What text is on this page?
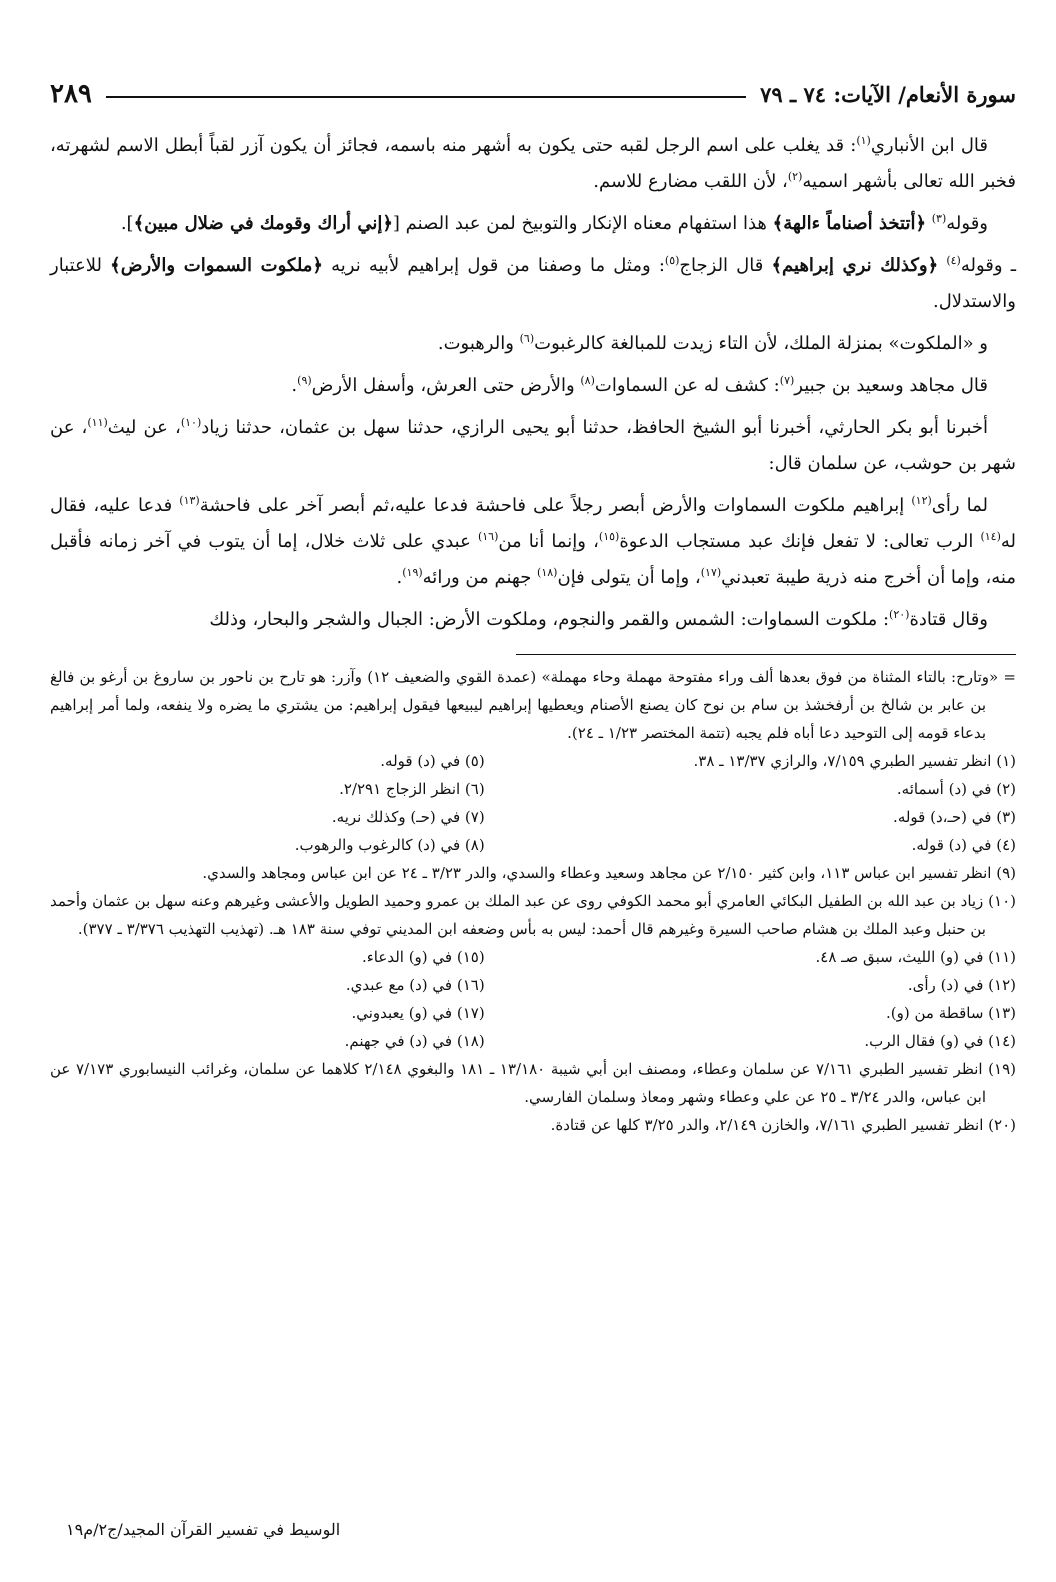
سورة الأنعام/ الآيات: ٧٤ ـ ٧٩
٢٨٩

قال ابن الأنباري$^{(١)}$: قد يغلب على اسم الرجل لقبه حتى يكون به أشهر منه باسمه، فجائز أن يكون آزر لقباً أبطل الاسم لشهرته، فخبر الله تعالى بأشهر اسميه$^{(٢)}$، لأن اللقب مضارع للاسم.

وقوله$^{(٣)}$ ﴿أتتخذ أصناماً ءالهة﴾ هذا استفهام معناه الإنكار والتوبيخ لمن عبد الصنم [﴿إني أراك وقومك في ضلال مبين﴾].

ـ وقوله$^{(٤)}$ ﴿وكذلك نري إبراهيم﴾ قال الزجاج$^{(٥)}$: ومثل ما وصفنا من قول إبراهيم لأبيه نريه ﴿ملكوت السموات والأرض﴾ للاعتبار والاستدلال.

و «الملكوت» بمنزلة الملك، لأن التاء زيدت للمبالغة كالرغبوت$^{(٦)}$ والرهبوت.

قال مجاهد وسعيد بن جبير$^{(٧)}$: كشف له عن السماوات$^{(٨)}$ والأرض حتى العرش، وأسفل الأرض$^{(٩)}$.

أخبرنا أبو بكر الحارثي، أخبرنا أبو الشيخ الحافظ، حدثنا أبو يحيى الرازي، حدثنا سهل بن عثمان، حدثنا زياد$^{(١٠)}$، عن ليث$^{(١١)}$، عن شهر بن حوشب، عن سلمان قال:

لما رأى$^{(١٢)}$ إبراهيم ملكوت السماوات والأرض أبصر رجلاً على فاحشة فدعا عليه،ثم أبصر آخر على فاحشة$^{(١٣)}$ فدعا عليه، فقال له$^{(١٤)}$ الرب تعالى: لا تفعل فإنك عبد مستجاب الدعوة$^{(١٥)}$، وإنما أنا من$^{(١٦)}$ عبدي على ثلاث خلال، إما أن يتوب في آخر زمانه فأقبل منه، وإما أن أخرج منه ذرية طيبة تعبدني$^{(١٧)}$، وإما أن يتولى فإن$^{(١٨)}$ جهنم من ورائه$^{(١٩)}$.

وقال قتادة$^{(٢٠)}$: ملكوت السماوات: الشمس والقمر والنجوم، وملكوت الأرض: الجبال والشجر والبحار، وذلك

= «وتارح: بالتاء المثناة من فوق بعدها ألف وراء مفتوحة مهملة وحاء مهملة» (عمدة القوي والضعيف ١٢) وآزر: هو تارح بن ناحور بن ساروغ بن أرغو بن فالغ بن عابر بن شالخ بن أرفخشذ بن سام بن نوح كان يصنع الأصنام ويعطيها إبراهيم ليبيعها فيقول إبراهيم: من يشتري ما يضره ولا ينفعه، ولما أمر إبراهيم بدعاء قومه إلى التوحيد دعا أباه فلم يجبه (تتمة المختصر ١/٢٣ ـ ٢٤).

(١) انظر تفسير الطبري ٧/١٥٩، والرازي ١٣/٣٧ ـ ٣٨.
(٥) في (د) قوله.
(٢) في (د) أسمائه.
(٦) انظر الزجاج ٢/٢٩١.
(٣) في (حـ،د) قوله.
(٧) في (حـ) وكذلك نريه.
(٤) في (د) قوله.
(٨) في (د) كالرغوب والرهوب.

(٩) انظر تفسير ابن عباس ١١٣، وابن كثير ٢/١٥٠ عن مجاهد وسعيد وعطاء والسدي، والدر ٣/٢٣ ـ ٢٤ عن ابن عباس ومجاهد والسدي.

(١٠) زياد بن عبد الله بن الطفيل البكائي العامري أبو محمد الكوفي روى عن عبد الملك بن عمرو وحميد الطويل والأعشى وغيرهم وعنه سهل بن عثمان وأحمد بن حنبل وعبد الملك بن هشام صاحب السيرة وغيرهم قال أحمد: ليس به بأس وضعفه ابن المديني توفي سنة ١٨٣ هـ. (تهذيب التهذيب ٣/٣٧٦ ـ ٣٧٧).

(١١) في (و) الليث، سبق صـ ٤٨.
(١٥) في (و) الدعاء.
(١٢) في (د) رأى.
(١٦) في (د) مع عبدي.
(١٣) ساقطة من (و).
(١٧) في (و) يعبدوني.
(١٤) في (و) فقال الرب.
(١٨) في (د) في جهنم.

(١٩) انظر تفسير الطبري ٧/١٦١ عن سلمان وعطاء، ومصنف ابن أبي شيبة ١٣/١٨٠ ـ ١٨١ والبغوي ٢/١٤٨ كلاهما عن سلمان، وغرائب النيسابوري ٧/١٧٣ عن ابن عباس، والدر ٣/٢٤ ـ ٢٥ عن علي وعطاء وشهر ومعاذ وسلمان الفارسي.

(٢٠) انظر تفسير الطبري ٧/١٦١، والخازن ٢/١٤٩، والدر ٣/٢٥ كلها عن قتادة.

الوسيط في تفسير القرآن المجيد/ج٢/م١٩
